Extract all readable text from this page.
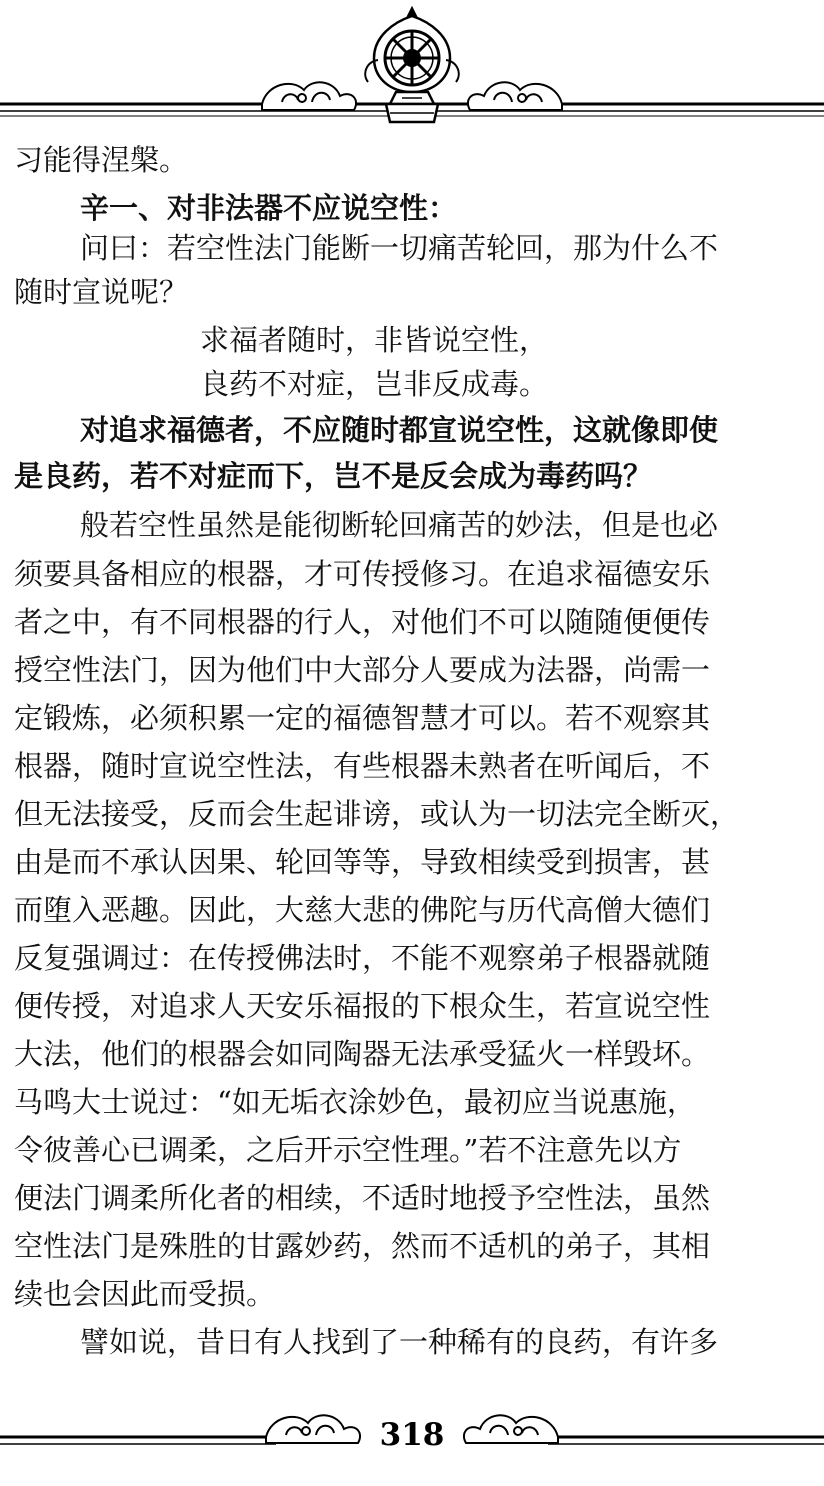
习能得涅槃。
辛一、对非法器不应说空性：
问曰：若空性法门能断一切痛苦轮回，那为什么不
随时宣说呢？
求福者随时，非皆说空性，
良药不对症，岂非反成毒。
对追求福德者，不应随时都宣说空性，这就像即使
是良药，若不对症而下，岂不是反会成为毒药吗？
般若空性虽然是能彻断轮回痛苦的妙法，但是也必
须要具备相应的根器，才可传授修习。在追求福德安乐
者之中，有不同根器的行人，对他们不可以随随便便传
授空性法门，因为他们中大部分人要成为法器，尚需一
定锻炼，必须积累一定的福德智慧才可以。若不观察其
根器，随时宣说空性法，有些根器未熟者在听闻后，不
但无法接受，反而会生起诽谤，或认为一切法完全断灭，
由是而不承认因果、轮回等等，导致相续受到损害，甚
而堕入恶趣。因此，大慈大悲的佛陀与历代高僧大德们
反复强调过：在传授佛法时，不能不观察弟子根器就随
便传授，对追求人天安乐福报的下根众生，若宣说空性
大法，他们的根器会如同陶器无法承受猛火一样毁坏。
马鸣大士说过：“如无垢衣涂妙色，最初应当说惠施，
令彼善心已调柔，之后开示空性理。”若不注意先以方
便法门调柔所化者的相续，不适时地授予空性法，虽然
空性法门是殊胜的甘露妙药，然而不适机的弟子，其相
续也会因此而受损。
譬如说，昔日有人找到了一种稀有的良药，有许多
318
